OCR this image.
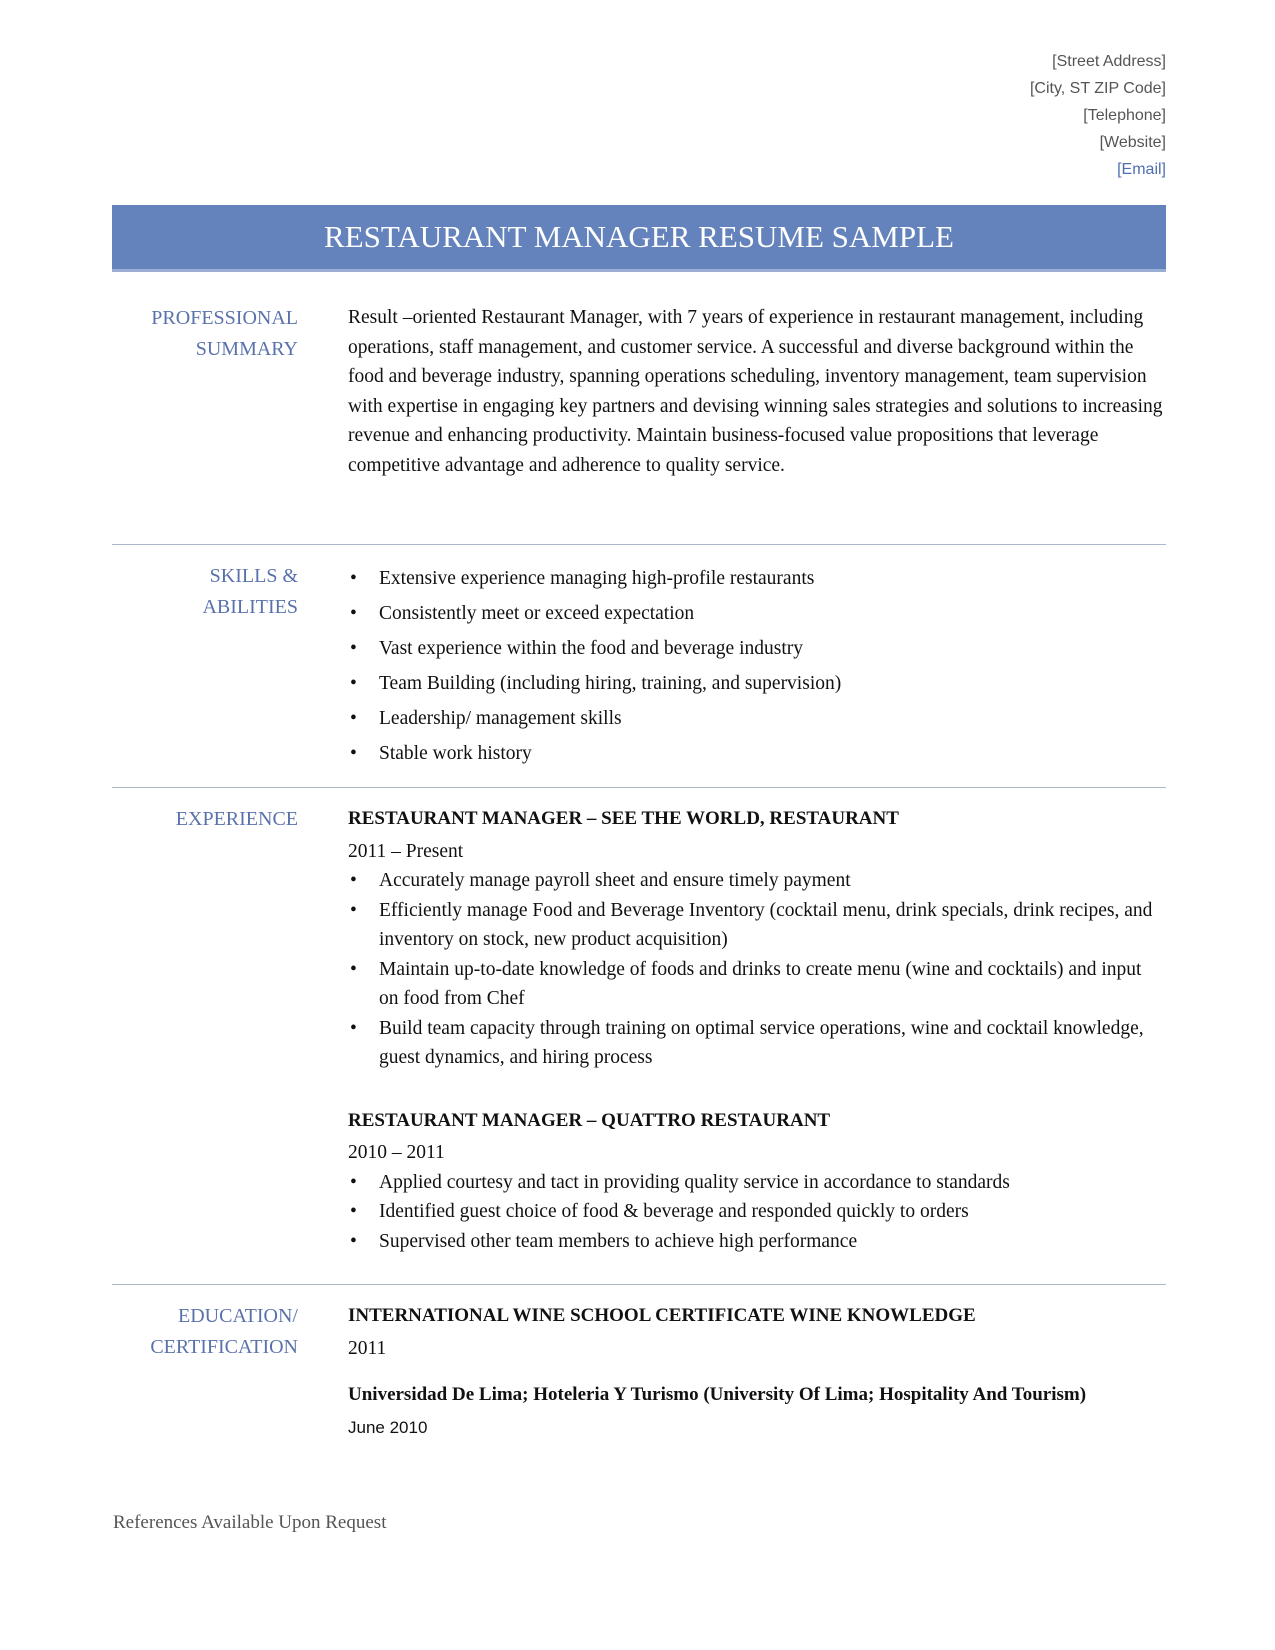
[Street Address]
[City, ST ZIP Code]
[Telephone]
[Website]
[Email]
RESTAURANT MANAGER RESUME SAMPLE
PROFESSIONAL
SUMMARY
Result –oriented Restaurant Manager, with 7 years of experience in restaurant management, including operations, staff management, and customer service. A successful and diverse background within the food and beverage industry, spanning operations scheduling, inventory management, team supervision with expertise in engaging key partners and devising winning sales strategies and solutions to increasing revenue and enhancing productivity. Maintain business-focused value propositions that leverage competitive advantage and adherence to quality service.
SKILLS &
ABILITIES
• Extensive experience managing high-profile restaurants
• Consistently meet or exceed expectation
• Vast experience within the food and beverage industry
• Team Building (including hiring, training, and supervision)
• Leadership/ management skills
• Stable work history
EXPERIENCE	RESTAURANT MANAGER – SEE THE WORLD, RESTAURANT
2011 – Present
• Accurately manage payroll sheet and ensure timely payment
• Efficiently manage Food and Beverage Inventory (cocktail menu, drink specials, drink recipes, and inventory on stock, new product acquisition)
• Maintain up-to-date knowledge of foods and drinks to create menu (wine and cocktails) and input on food from Chef
• Build team capacity through training on optimal service operations, wine and cocktail knowledge, guest dynamics, and hiring process
RESTAURANT MANAGER – QUATTRO RESTAURANT
2010 – 2011
• Applied courtesy and tact in providing quality service in accordance to standards
• Identified guest choice of food & beverage and responded quickly to orders
• Supervised other team members to achieve high performance
EDUCATION/
CERTIFICATION
INTERNATIONAL WINE SCHOOL CERTIFICATE WINE KNOWLEDGE
2011
Universidad De Lima; Hoteleria Y Turismo (University Of Lima; Hospitality And Tourism)
June 2010
References Available Upon Request
